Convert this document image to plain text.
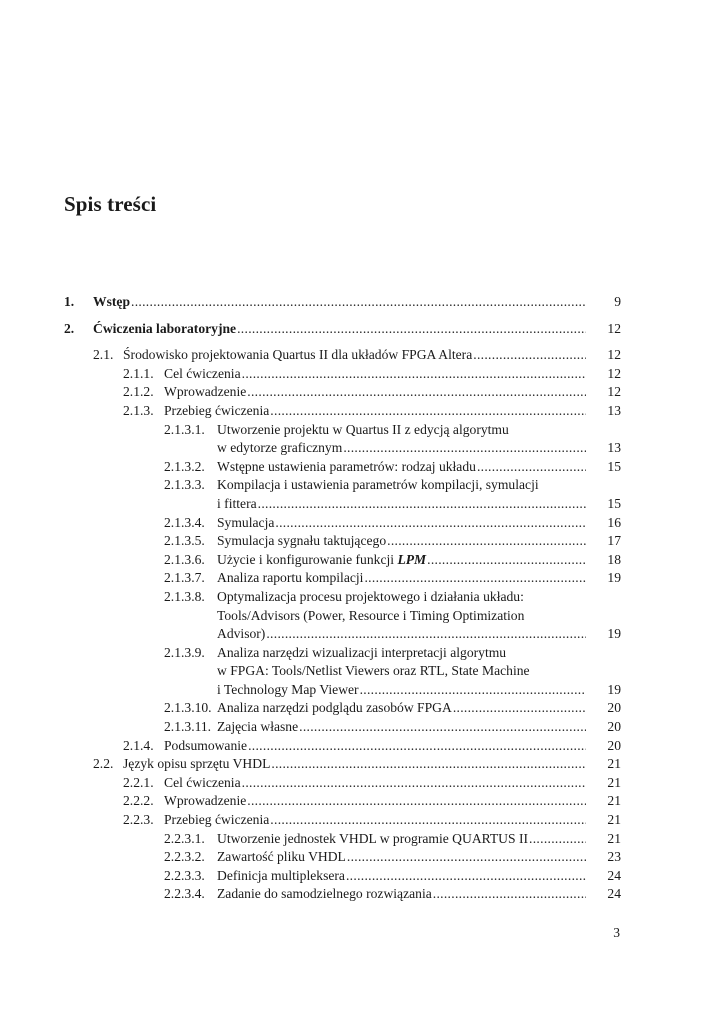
Spis treści
1. Wstęp .....	9
2. Ćwiczenia laboratoryjne .....	12
2.1. Środowisko projektowania Quartus II dla układów FPGA Altera .....	12
2.1.1. Cel ćwiczenia .....	12
2.1.2. Wprowadzenie .....	12
2.1.3. Przebieg ćwiczenia .....	13
2.1.3.1. Utworzenie projektu w Quartus II z edycją algorytmu
w edytorze graficznym .....	13
2.1.3.2. Wstępne ustawienia parametrów: rodzaj układu .....	15
2.1.3.3. Kompilacja i ustawienia parametrów kompilacji, symulacji
i fittera .....	15
2.1.3.4. Symulacja .....	16
2.1.3.5. Symulacja sygnału taktującego .....	17
2.1.3.6. Użycie i konfigurowanie funkcji LPM .....	18
2.1.3.7. Analiza raportu kompilacji .....	19
2.1.3.8. Optymalizacja procesu projektowego i działania układu:
Tools/Advisors (Power, Resource i Timing Optimization
Advisor) .....	19
2.1.3.9. Analiza narzędzi wizualizacji interpretacji algorytmu
w FPGA: Tools/Netlist Viewers oraz RTL, State Machine
i Technology Map Viewer .....	19
2.1.3.10. Analiza narzędzi podglądu zasobów FPGA .....	20
2.1.3.11. Zajęcia własne .....	20
2.1.4. Podsumowanie .....	20
2.2. Język opisu sprzętu VHDL .....	21
2.2.1. Cel ćwiczenia .....	21
2.2.2. Wprowadzenie .....	21
2.2.3. Przebieg ćwiczenia .....	21
2.2.3.1. Utworzenie jednostek VHDL w programie QUARTUS II .....	21
2.2.3.2. Zawartość pliku VHDL .....	23
2.2.3.3. Definicja multipleksera .....	24
2.2.3.4. Zadanie do samodzielnego rozwiązania .....	24
3
